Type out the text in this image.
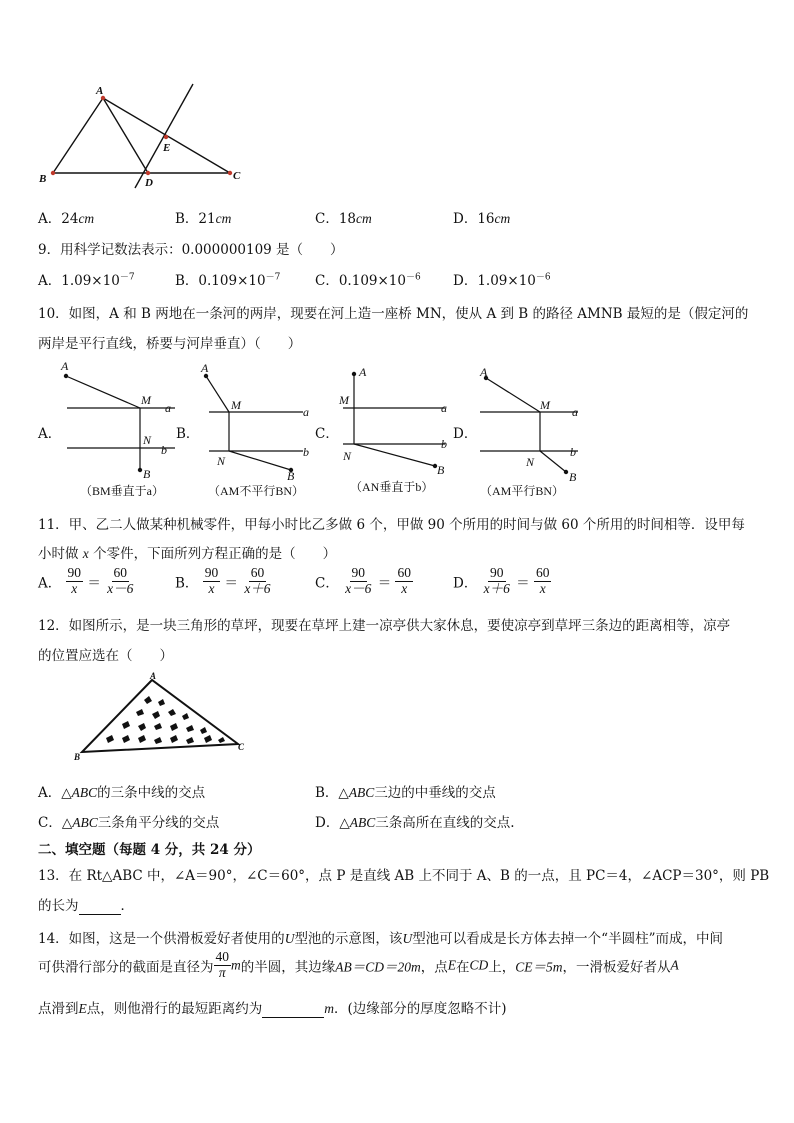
A
B	C
D
E
A．24cm	B．21cm	C．18cm	D．16cm
9．用科学记数法表示：0.000000109 是（　　）
A．$1.09\times 10^{-7}$	B．$0.109\times 10^{-7}$	C．$0.109\times 10^{-6}$ D．$1.09\times 10^{-6}$
10．如图，A 和 B 两地在一条河的两岸，现要在河上造一座桥 MN，使从 A 到 B 的路径 AMNB 最短的是（假定河的
两岸是平行直线，桥要与河岸垂直）（　　）
A．	B．	C．	D．
A
M
a
N
b
B
（BM垂直于a）
A
M	a
N
b
B
（AM不平行BN）
A
M
a
N
b
B
（AN垂直于b）
A
M a
N
b
B
（AM平行BN）
11．甲、乙二人做某种机械零件，甲每小时比乙多做 6 个，甲做 90 个所用的时间与做 60 个所用的时间相等．设甲每
小时做 x 个零件，下面所列方程正确的是（　　）
A． $\frac{90}{x} = \frac{60}{x-6}$	B． $\frac{90}{x} = \frac{60}{x+6}$	C． $\frac{90}{x-6} = \frac{60}{x}$	D． $\frac{90}{x+6} = \frac{60}{x}$
12．如图所示，是一块三角形的草坪，现要在草坪上建一凉亭供大家休息，要使凉亭到草坪三条边的距离相等，凉亭
的位置应选在（　　）
A
B
C
A．△ABC的三条中线的交点	B．△ABC三边的中垂线的交点
C．△ABC三条角平分线的交点	D．△ABC三条高所在直线的交点.
二、填空题（每题 4 分，共 24 分）
13．在 Rt△ABC 中，∠A＝90°，∠C＝60°，点 P 是直线 AB 上不同于 A、B 的一点，且 PC＝4，∠ACP＝30°，则 PB
的长为	．
14．如图，这是一个供滑板爱好者使用的U型池的示意图，该U型池可以看成是长方体去掉一个“半圆柱”而成，中间
可供滑行部分的截面是直径为 $\frac{40}{\pi}$ m的半圆，其边缘AB＝CD＝20m，点E在CD上，CE＝5m，一滑板爱好者从A
点滑到E点，则他滑行的最短距离约为	m．(边缘部分的厚度忽略不计)
